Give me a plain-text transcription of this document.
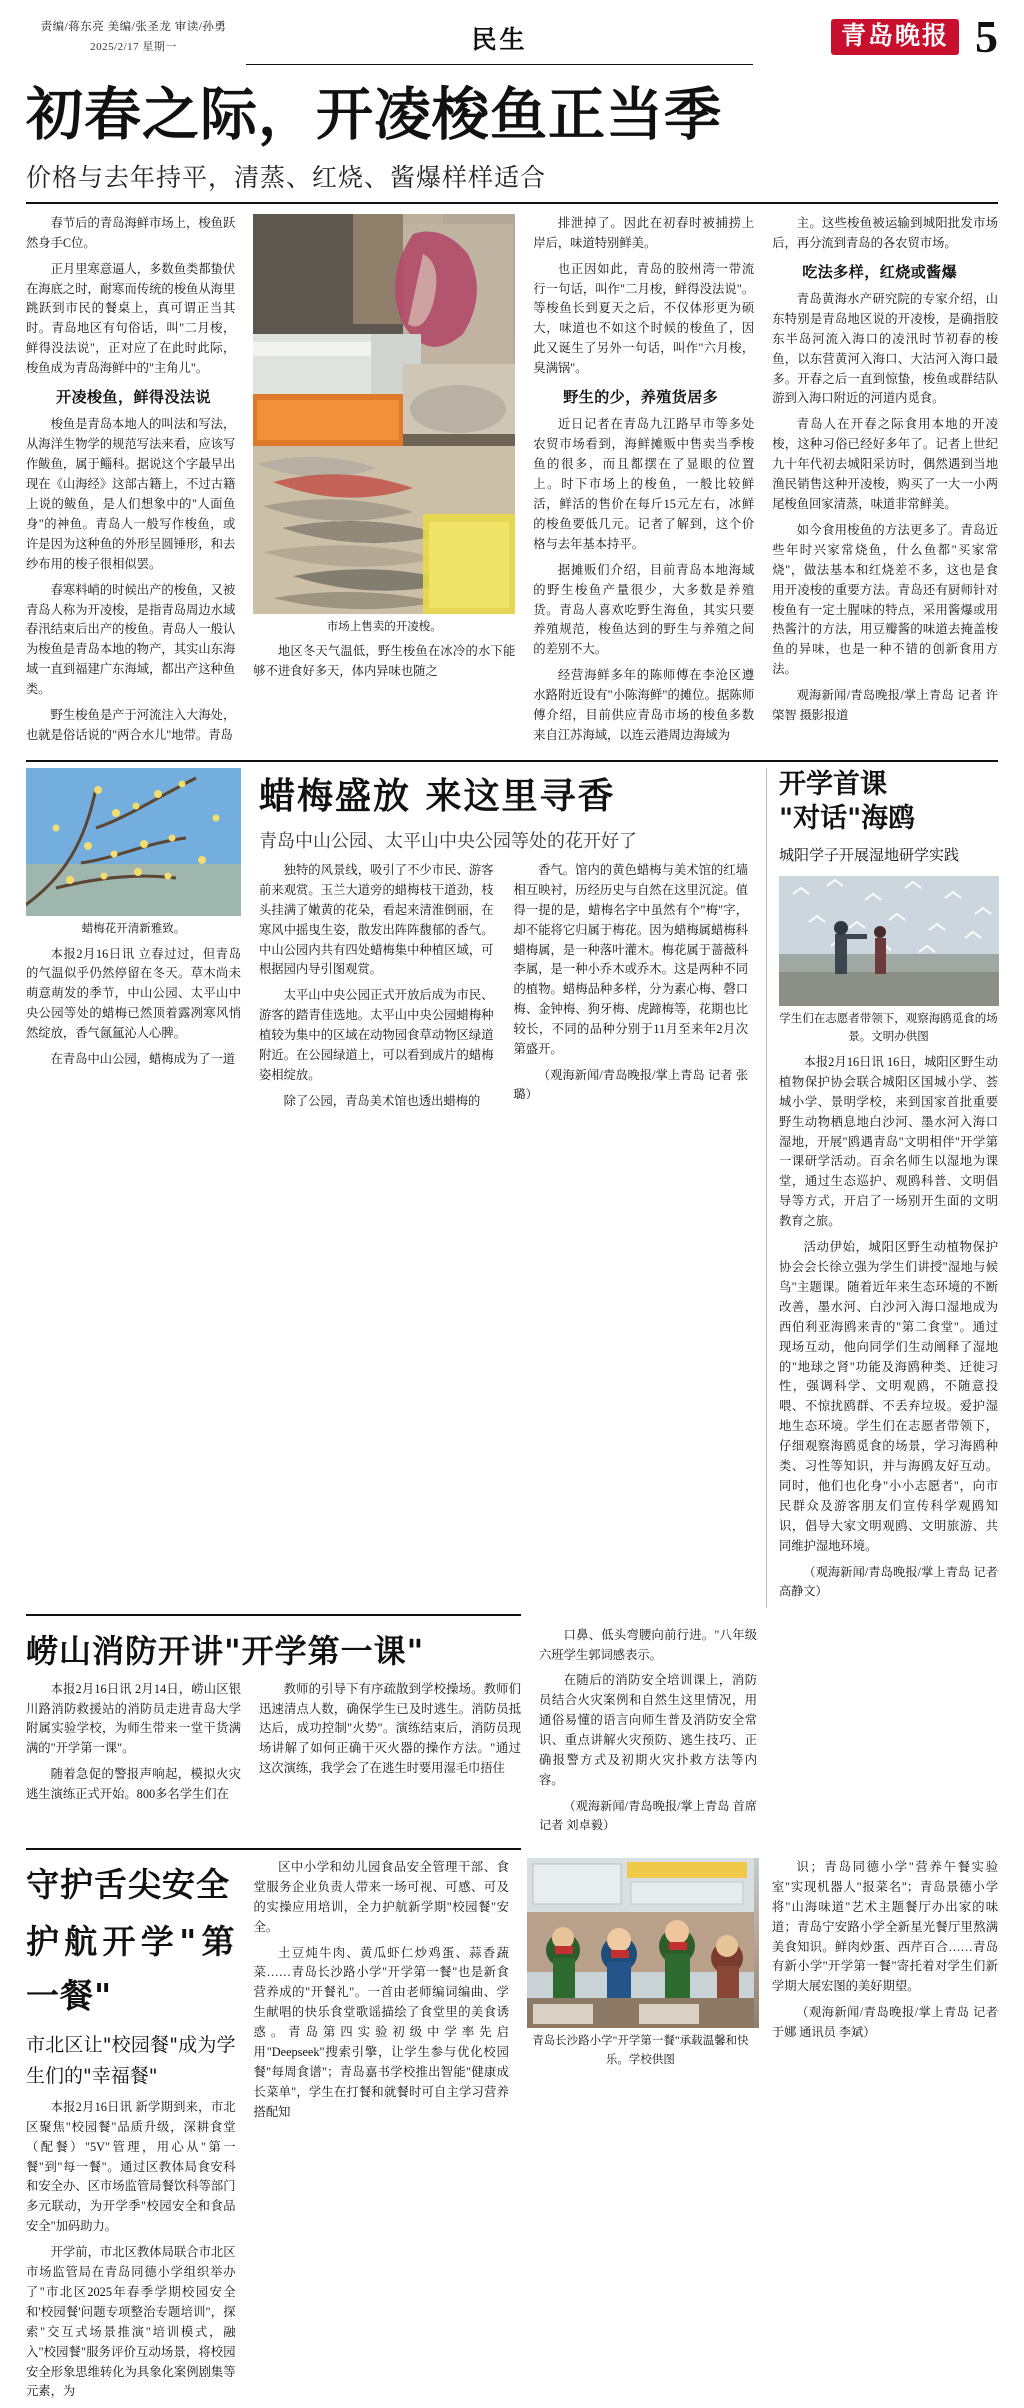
责编/蒋东亮 美编/张圣龙 审读/孙勇
2025/2/17 星期一	民生	青岛晚报 5
初春之际，开凌梭鱼正当季
价格与去年持平，清蒸、红烧、酱爆样样适合

春节后的青岛海鲜市场上，梭鱼跃然身手C位。

正月里寒意逼人，多数鱼类都蛰伏在海底之时，耐寒而传统的梭鱼从海里跳跃到市民的餐桌上，真可谓正当其时。青岛地区有句俗话，叫"二月梭，鲜得没法说"，正对应了在此时此际，梭鱼成为青岛海鲜中的"主角儿"。

开凌梭鱼，鲜得没法说

梭鱼是青岛本地人的叫法和写法，从海洋生物学的规范写法来看，应该写作鲅鱼，属于鲻科。据说这个字最早出现在《山海经》这部古籍上，不过古籍上说的鲅鱼，是人们想象中的"人面鱼身"的神鱼。青岛人一般写作梭鱼，或许是因为这种鱼的外形呈圆锤形，和去纱布用的梭子很相似罢。

春寒料峭的时候出产的梭鱼，又被青岛人称为开凌梭，是指青岛周边水域春汛结束后出产的梭鱼。青岛人一般认为梭鱼是青岛本地的物产，其实山东海域一直到福建广东海域，都出产这种鱼类。

野生梭鱼是产于河流注入大海处，也就是俗话说的"两合水儿"地带。青岛

市场上售卖的开凌梭。

地区冬天气温低，野生梭鱼在冰冷的水下能够不进食好多天，体内异味也随之

排泄掉了。因此在初春时被捕捞上岸后，味道特别鲜美。

也正因如此，青岛的胶州湾一带流行一句话，叫作"二月梭，鲜得没法说"。等梭鱼长到夏天之后，不仅体形更为硕大，味道也不如这个时候的梭鱼了，因此又诞生了另外一句话，叫作"六月梭，臭满锅"。

野生的少，养殖货居多

近日记者在青岛九江路早市等多处农贸市场看到，海鲜摊贩中售卖当季梭鱼的很多，而且都摆在了显眼的位置上。时下市场上的梭鱼，一般比较鲜活，鲜活的售价在每斤15元左右，冰鲜的梭鱼要低几元。记者了解到，这个价格与去年基本持平。

据摊贩们介绍，目前青岛本地海域的野生梭鱼产量很少，大多数是养殖货。青岛人喜欢吃野生海鱼，其实只要养殖规范，梭鱼达到的野生与养殖之间的差别不大。

经营海鲜多年的陈师傅在李沧区遵水路附近设有"小陈海鲜"的摊位。据陈师傅介绍，目前供应青岛市场的梭鱼多数来自江苏海域，以连云港周边海域为

主。这些梭鱼被运输到城阳批发市场后，再分流到青岛的各农贸市场。

吃法多样，红烧或酱爆

青岛黄海水产研究院的专家介绍，山东特别是青岛地区说的开凌梭，是确指胶东半岛河流入海口的凌汛时节初春的梭鱼，以东营黄河入海口、大沽河入海口最多。开春之后一直到惊蛰，梭鱼或群结队游到入海口附近的河道内觅食。

青岛人在开春之际食用本地的开凌梭，这种习俗已经好多年了。记者上世纪九十年代初去城阳采访时，偶然遇到当地渔民销售这种开凌梭，购买了一大一小两尾梭鱼回家清蒸，味道非常鲜美。

如今食用梭鱼的方法更多了。青岛近些年时兴家常烧鱼，什么鱼都"买家常烧"，做法基本和红烧差不多，这也是食用开凌梭的重要方法。青岛还有厨师针对梭鱼有一定土腥味的特点，采用酱爆或用热酱汁的方法，用豆瓣酱的味道去掩盖梭鱼的异味，也是一种不错的创新食用方法。

观海新闻/青岛晚报/掌上青岛 记者 许棨智 摄影报道

蜡梅花开清新雅致。

本报2月16日讯 立春过过，但青岛的气温似乎仍然停留在冬天。草木尚未萌意萌发的季节，中山公园、太平山中央公园等处的蜡梅已然顶着露冽寒风悄然绽放，香气氤氲沁人心脾。

在青岛中山公园，蜡梅成为了一道

蜡梅盛放 来这里寻香
青岛中山公园、太平山中央公园等处的花开好了

独特的风景线，吸引了不少市民、游客前来观赏。玉兰大道旁的蜡梅枝干道劲，枝头挂满了嫩黄的花朵，看起来清淮倒丽，在寒风中摇曳生姿，散发出阵阵馥郁的香气。中山公园内共有四处蜡梅集中种植区域，可根据园内导引图观赏。

太平山中央公园正式开放后成为市民、游客的踏青佳选地。太平山中央公园蜡梅种植较为集中的区域在动物园食草动物区绿道附近。在公园绿道上，可以看到成片的蜡梅姿相绽放。

除了公园，青岛美术馆也透出蜡梅的

香气。馆内的黄色蜡梅与美术馆的红墙相互映衬，历经历史与自然在这里沉淀。值得一提的是，蜡梅名字中虽然有个"梅"字，却不能将它归属于梅花。因为蜡梅属蜡梅科蜡梅属，是一种落叶灌木。梅花属于蔷薇科李属，是一种小乔木或乔木。这是两种不同的植物。蜡梅品种多样，分为素心梅、磬口梅、金钟梅、狗牙梅、虎蹄梅等，花期也比较长，不同的品种分别于11月至来年2月次第盛开。

（观海新闻/青岛晚报/掌上青岛 记者 张璐）

开学首课
"对话"海鸥
城阳学子开展湿地研学实践
学生们在志愿者带领下，观察海鸥觅食的场景。文明办供图

本报2月16日讯 16日，城阳区野生动植物保护协会联合城阳区国城小学、荟城小学、景明学校，来到国家首批重要野生动物栖息地白沙河、墨水河入海口湿地，开展"鸥遇青岛"文明相伴"开学第一课研学活动。百余名师生以湿地为课堂，通过生态巡护、观鸥科普、文明倡导等方式，开启了一场别开生面的文明教育之旅。

活动伊始，城阳区野生动植物保护协会会长徐立强为学生们讲授"湿地与候鸟"主题课。随着近年来生态环境的不断改善，墨水河、白沙河入海口湿地成为西伯利亚海鸥来青的"第二食堂"。通过现场互动，他向同学们生动阐释了湿地的"地球之肾"功能及海鸥种类、迁徙习性，强调科学、文明观鸥，不随意投喂、不惊扰鸥群、不丢弃垃圾。爱护湿地生态环境。学生们在志愿者带领下，仔细观察海鸥觅食的场景，学习海鸥种类、习性等知识，并与海鸥友好互动。同时，他们也化身"小小志愿者"，向市民群众及游客朋友们宣传科学观鸥知识，倡导大家文明观鸥、文明旅游、共同维护湿地环境。

（观海新闻/青岛晚报/掌上青岛 记者 高静文）

崂山消防开讲"开学第一课"

本报2月16日讯 2月14日，崂山区银川路消防救援站的消防员走进青岛大学附属实验学校，为师生带来一堂干货满满的"开学第一课"。

随着急促的警报声响起，模拟火灾逃生演练正式开始。800多名学生们在

教师的引导下有序疏散到学校操场。教师们迅速清点人数，确保学生已及时逃生。消防员抵达后，成功控制"火势"。演练结束后，消防员现场讲解了如何正确干灭火器的操作方法。"通过这次演练，我学会了在逃生时要用湿毛巾捂住

口鼻、低头弯腰向前行进。"八年级六班学生郭词感表示。

在随后的消防安全培训课上，消防员结合火灾案例和自然生这里情况，用通俗易懂的语言向师生普及消防安全常识、重点讲解火灾预防、逃生技巧、正确报警方式及初期火灾扑救方法等内容。

（观海新闻/青岛晚报/掌上青岛 首席记者 刘卓毅）

守护舌尖安全
护航开学"第一餐"
市北区让"校园餐"成为学生们的"幸福餐"

本报2月16日讯 新学期到来，市北区聚焦"校园餐"品质升级，深耕食堂（配餐）"5V"管理，用心从"第一餐"到"每一餐"。通过区教体局食安科和安全办、区市场监管局餐饮科等部门多元联动，为开学季"校园安全和食品安全"加码助力。

开学前，市北区教体局联合市北区市场监管局在青岛同德小学组织举办了"市北区2025年春季学期校园安全和'校园餐'问题专项整治专题培训"，探索"交互式场景推演"培训模式，融入"校园餐"服务评价互动场景，将校园安全形象思维转化为具象化案例剧集等元素，为

区中小学和幼儿园食品安全管理干部、食堂服务企业负责人带来一场可视、可感、可及的实操应用培训，全力护航新学期"校园餐"安全。

土豆炖牛肉、黄瓜虾仁炒鸡蛋、蒜香蔬菜……青岛长沙路小学"开学第一餐"也是新食营养成的"开餐礼"。一首由老师编词编曲、学生献唱的快乐食堂歌谣描绘了食堂里的美食诱惑。青岛第四实验初级中学率先启用"Deepseek"搜索引擎，让学生参与优化校园餐"每周食谱"；青岛嘉书学校推出智能"健康成长菜单"，学生在打餐和就餐时可自主学习营养搭配知

青岛长沙路小学"开学第一餐"承载温馨和快乐。学校供图

识；青岛同德小学"营养午餐实验室"实现机器人"报菜名"；青岛景德小学将"山海味道"艺术主题餐厅办出家的味道；青岛宁安路小学全新星光餐厅里熬满美食知识。鲜肉炒蛋、西芹百合……青岛有新小学"开学第一餐"寄托着对学生们新学期大展宏图的美好期望。

（观海新闻/青岛晚报/掌上青岛 记者 于娜 通讯员 李斌）
